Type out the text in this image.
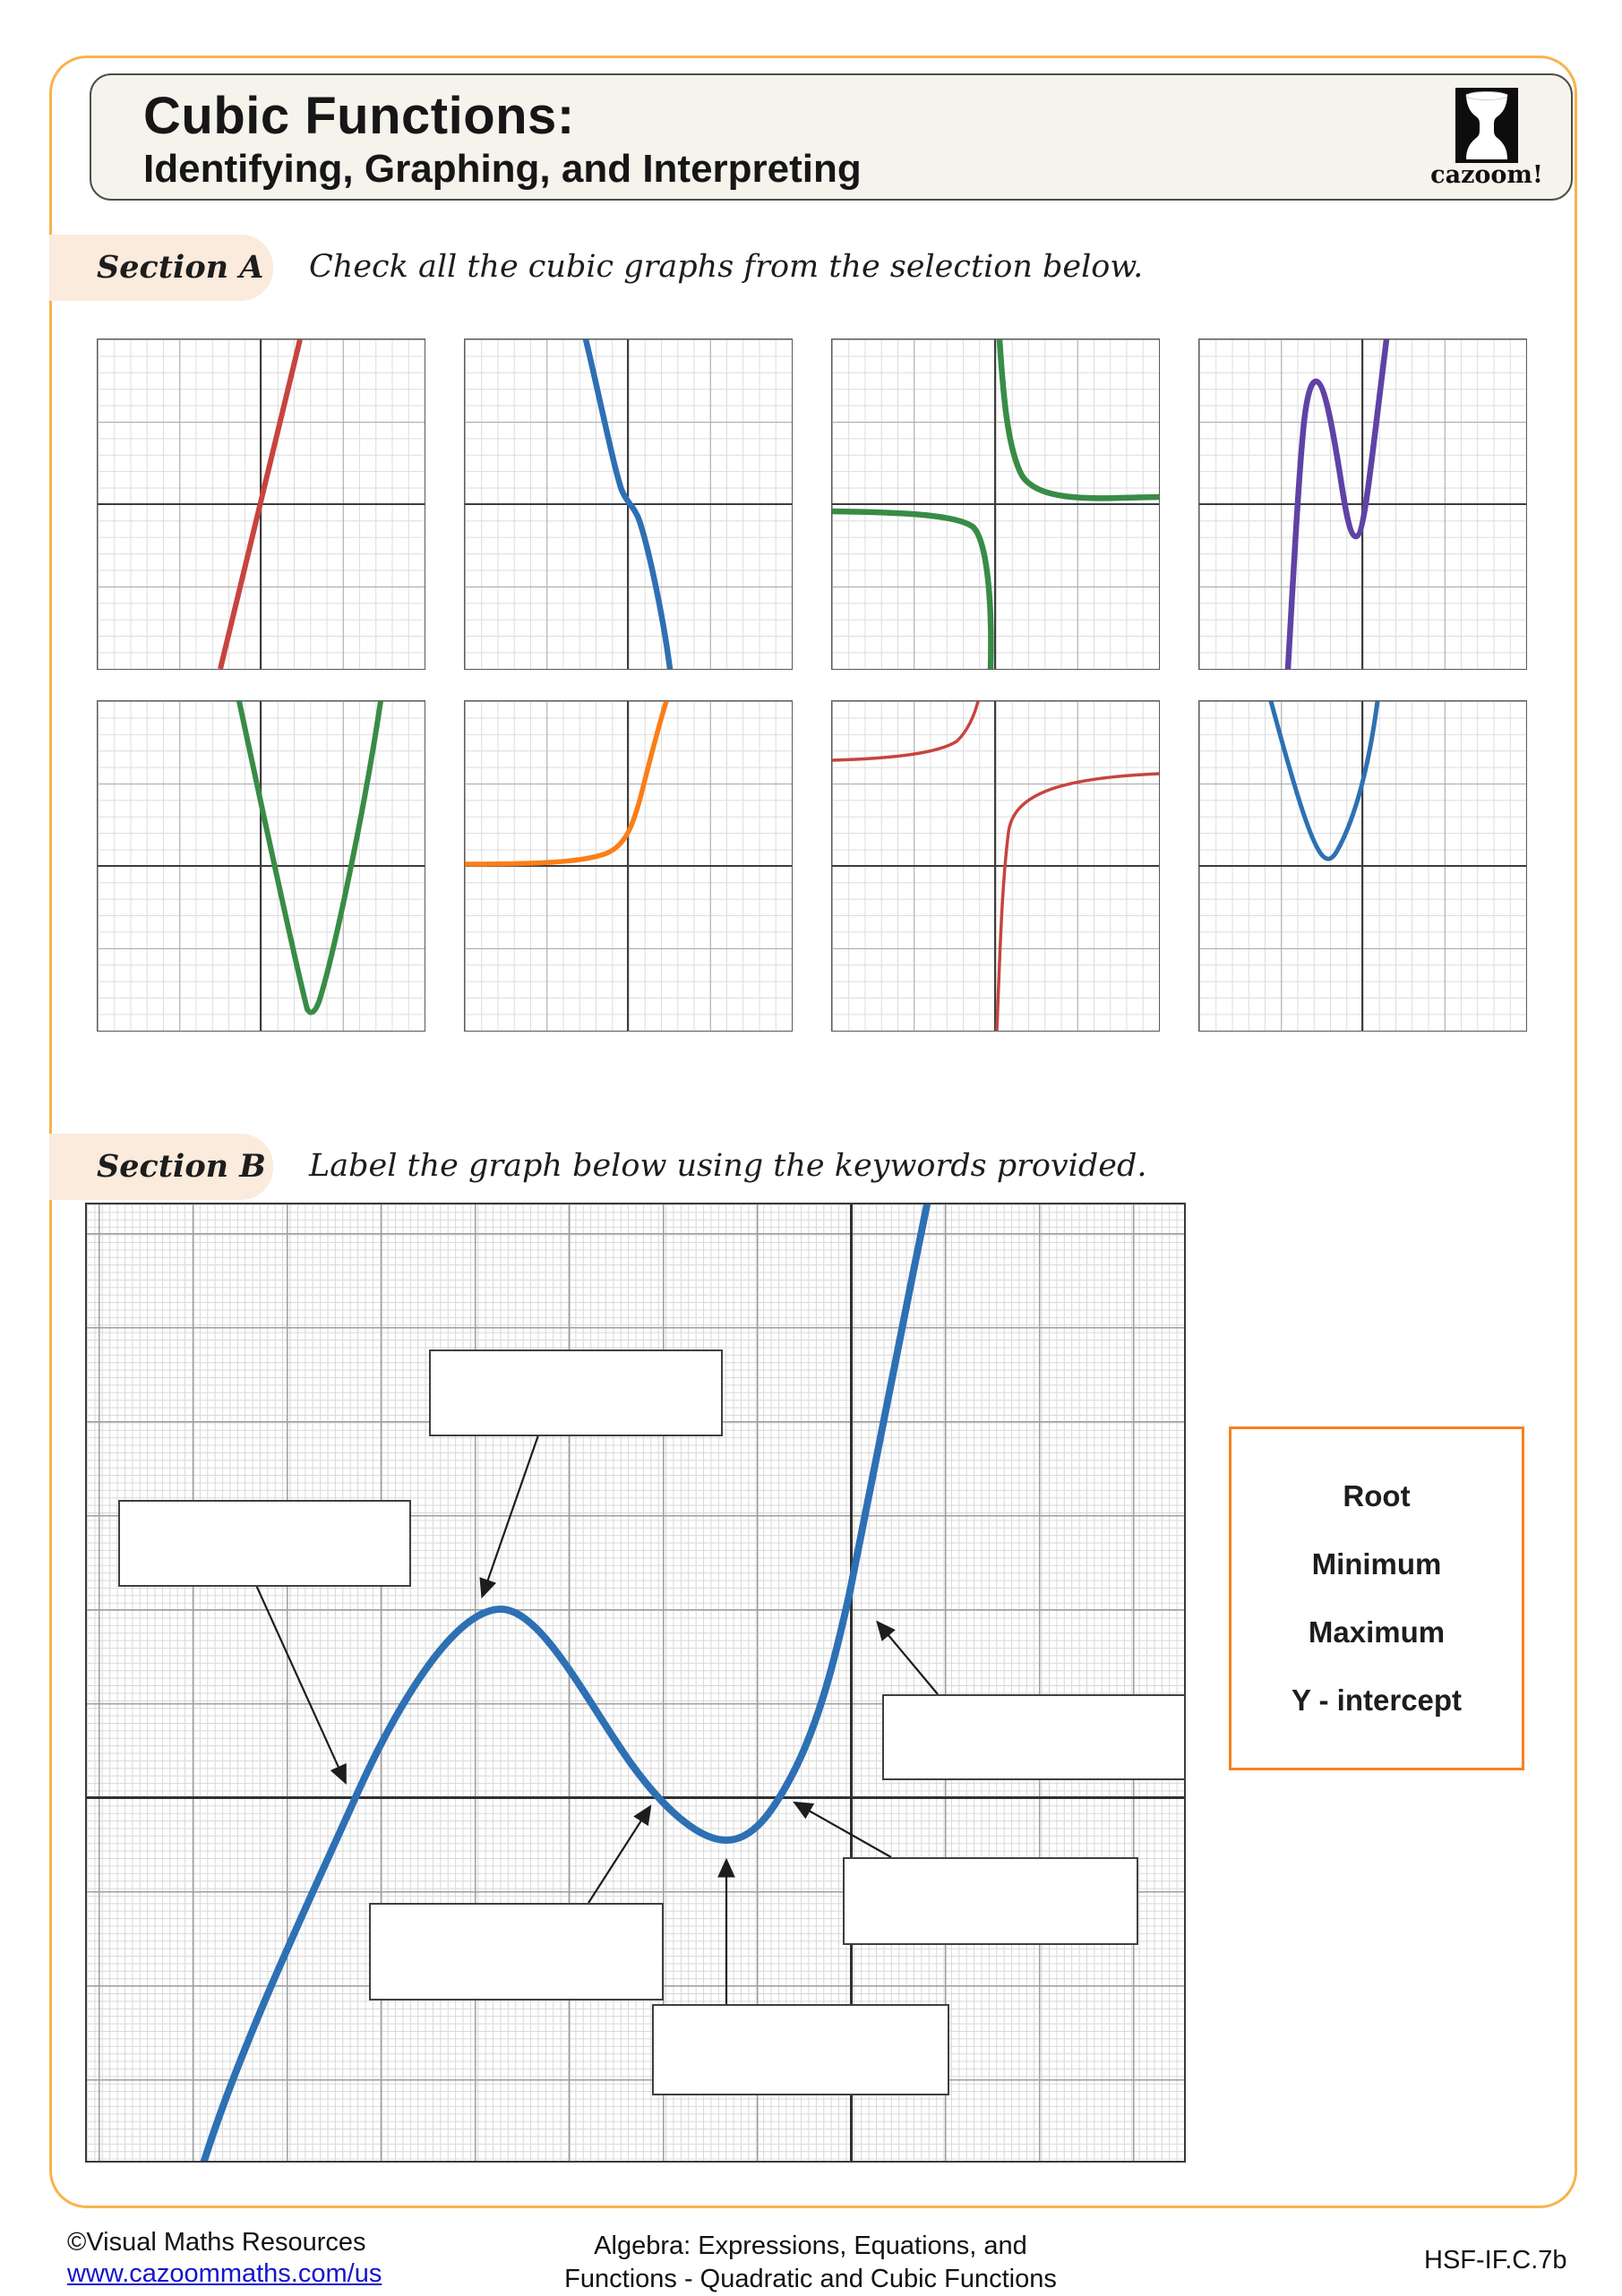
Cubic Functions:
Identifying, Graphing, and Interpreting	cazoom!
Section A Check all the cubic graphs from the selection below.
Section B Label the graph below using the keywords provided.
Root
Minimum
Maximum
Y - intercept
©Visual Maths Resources
www.cazoommaths.com/us
Algebra: Expressions, Equations, and
Functions - Quadratic and Cubic Functions
HSF-IF.C.7b
